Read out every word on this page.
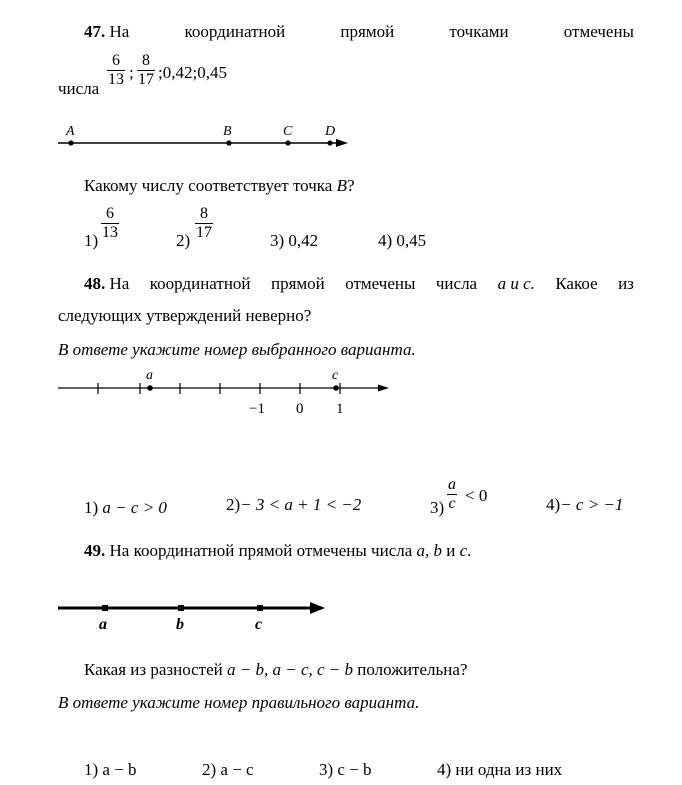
47. На	координатной	прямой	точками	отмечены
числа $\frac{6}{13}$ ; $\frac{8}{17}$ ;0,42;0,45
A	B	C D
Какому числу соответствует точка B?
$1) \frac{6}{13}$	$2) \frac{8}{17}$	3) 0,42	4) 0,45
48. На координатной прямой отмечены числа a и c. Какое из
следующих утверждений неверно?
В ответе укажите номер выбранного варианта.
a	c
−1 0 1
1) a − c > 0	2)− 3 < a + 1 < −2	$3) \frac{a}{c} < 0$	4)− c > −1
49. На координатной прямой отмечены числа a, b и c.
a	b	c
Какая из разностей a − b, a − c, c − b положительна?
В ответе укажите номер правильного варианта.
1) a − b	2) a − c	3) c − b	4) ни одна из них
